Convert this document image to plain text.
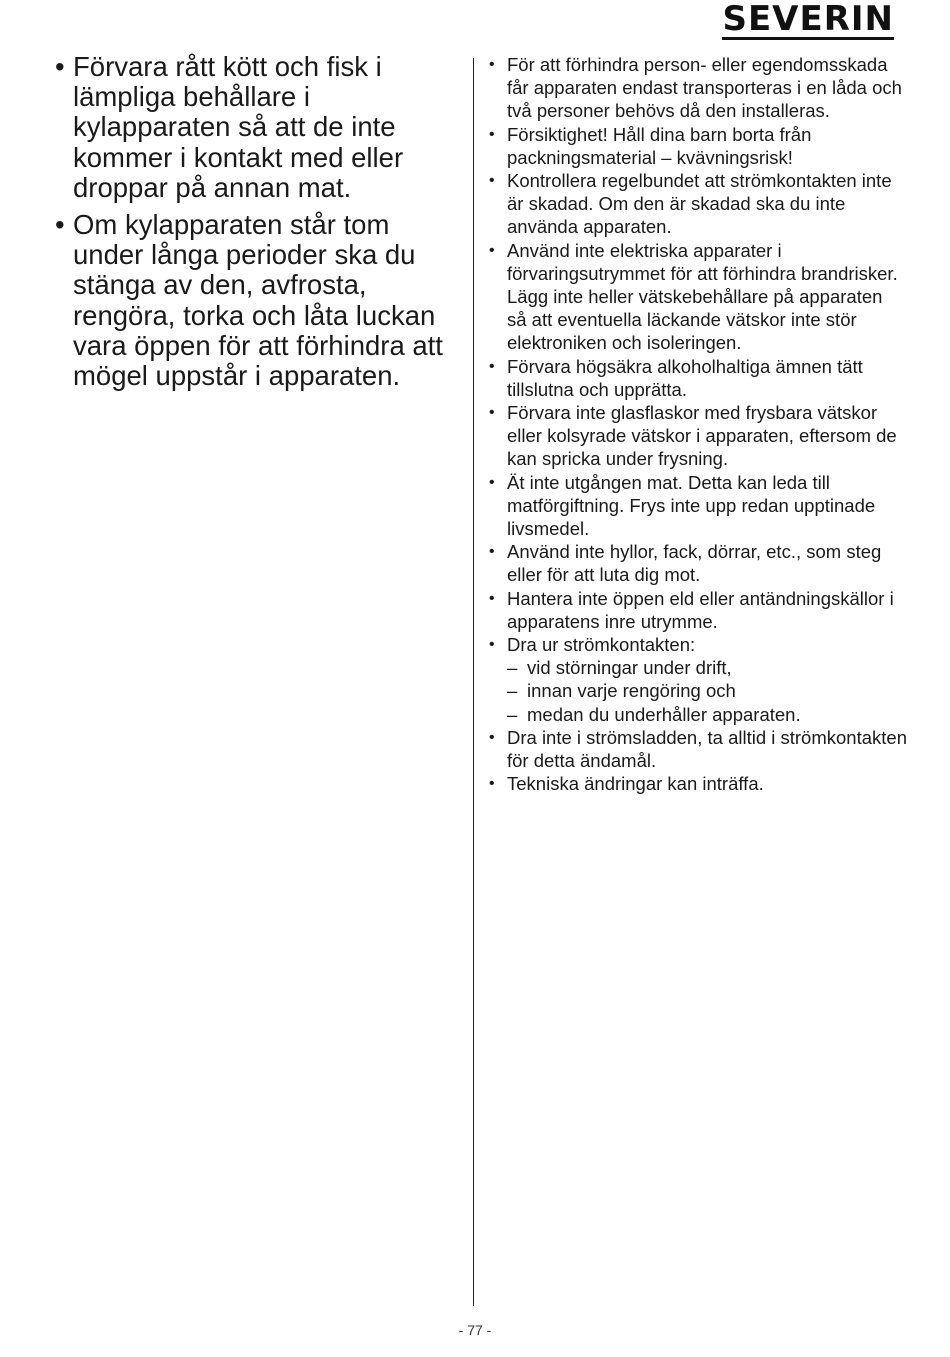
SEVERIN
• Förvara rått kött och fisk i lämpliga behållare i kylapparaten så att de inte kommer i kontakt med eller droppar på annan mat.
• Om kylapparaten står tom under långa perioder ska du stänga av den, avfrosta, rengöra, torka och låta luckan vara öppen för att förhindra att mögel uppstår i apparaten.
• För att förhindra person- eller egendomsskada får apparaten endast transporteras i en låda och två personer behövs då den installeras.
• Försiktighet! Håll dina barn borta från packningsmaterial – kvävningsrisk!
• Kontrollera regelbundet att strömkontakten inte är skadad. Om den är skadad ska du inte använda apparaten.
• Använd inte elektriska apparater i förvaringsutrymmet för att förhindra brandrisker. Lägg inte heller vätskebehållare på apparaten så att eventuella läckande vätskor inte stör elektroniken och isoleringen.
• Förvara högsäkra alkoholhaltiga ämnen tätt tillslutna och upprätta.
• Förvara inte glasflaskor med frysbara vätskor eller kolsyrade vätskor i apparaten, eftersom de kan spricka under frysning.
• Ät inte utgången mat. Detta kan leda till matförgiftning. Frys inte upp redan upptinade livsmedel.
• Använd inte hyllor, fack, dörrar, etc., som steg eller för att luta dig mot.
• Hantera inte öppen eld eller antändningskällor i apparatens inre utrymme.
• Dra ur strömkontakten:
– vid störningar under drift,
– innan varje rengöring och
– medan du underhåller apparaten.
• Dra inte i strömsladden, ta alltid i strömkontakten för detta ändamål.
• Tekniska ändringar kan inträffa.
- 77 -
